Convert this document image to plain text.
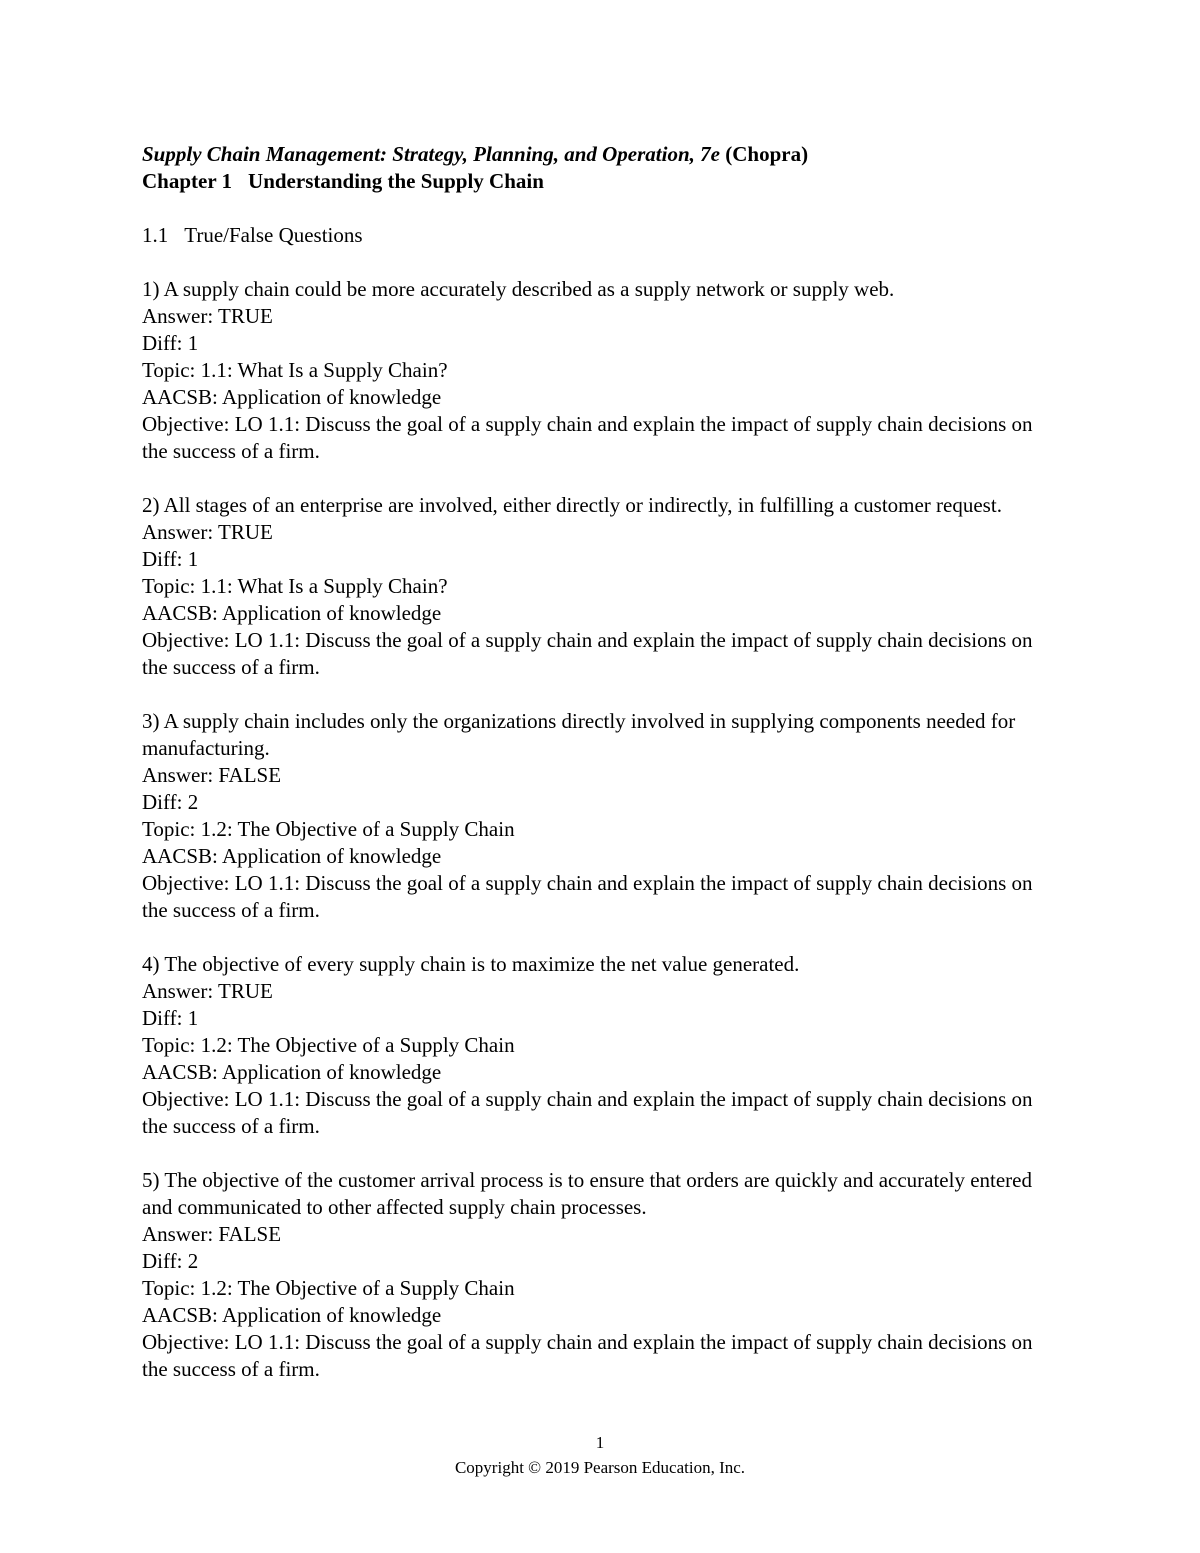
Supply Chain Management: Strategy, Planning, and Operation, 7e (Chopra)
Chapter 1 Understanding the Supply Chain
1.1 True/False Questions
1) A supply chain could be more accurately described as a supply network or supply web.
Answer: TRUE
Diff: 1
Topic: 1.1: What Is a Supply Chain?
AACSB: Application of knowledge
Objective: LO 1.1: Discuss the goal of a supply chain and explain the impact of supply chain decisions on the success of a firm.
2) All stages of an enterprise are involved, either directly or indirectly, in fulfilling a customer request.
Answer: TRUE
Diff: 1
Topic: 1.1: What Is a Supply Chain?
AACSB: Application of knowledge
Objective: LO 1.1: Discuss the goal of a supply chain and explain the impact of supply chain decisions on the success of a firm.
3) A supply chain includes only the organizations directly involved in supplying components needed for manufacturing.
Answer: FALSE
Diff: 2
Topic: 1.2: The Objective of a Supply Chain
AACSB: Application of knowledge
Objective: LO 1.1: Discuss the goal of a supply chain and explain the impact of supply chain decisions on the success of a firm.
4) The objective of every supply chain is to maximize the net value generated.
Answer: TRUE
Diff: 1
Topic: 1.2: The Objective of a Supply Chain
AACSB: Application of knowledge
Objective: LO 1.1: Discuss the goal of a supply chain and explain the impact of supply chain decisions on the success of a firm.
5) The objective of the customer arrival process is to ensure that orders are quickly and accurately entered and communicated to other affected supply chain processes.
Answer: FALSE
Diff: 2
Topic: 1.2: The Objective of a Supply Chain
AACSB: Application of knowledge
Objective: LO 1.1: Discuss the goal of a supply chain and explain the impact of supply chain decisions on the success of a firm.
1
Copyright © 2019 Pearson Education, Inc.
